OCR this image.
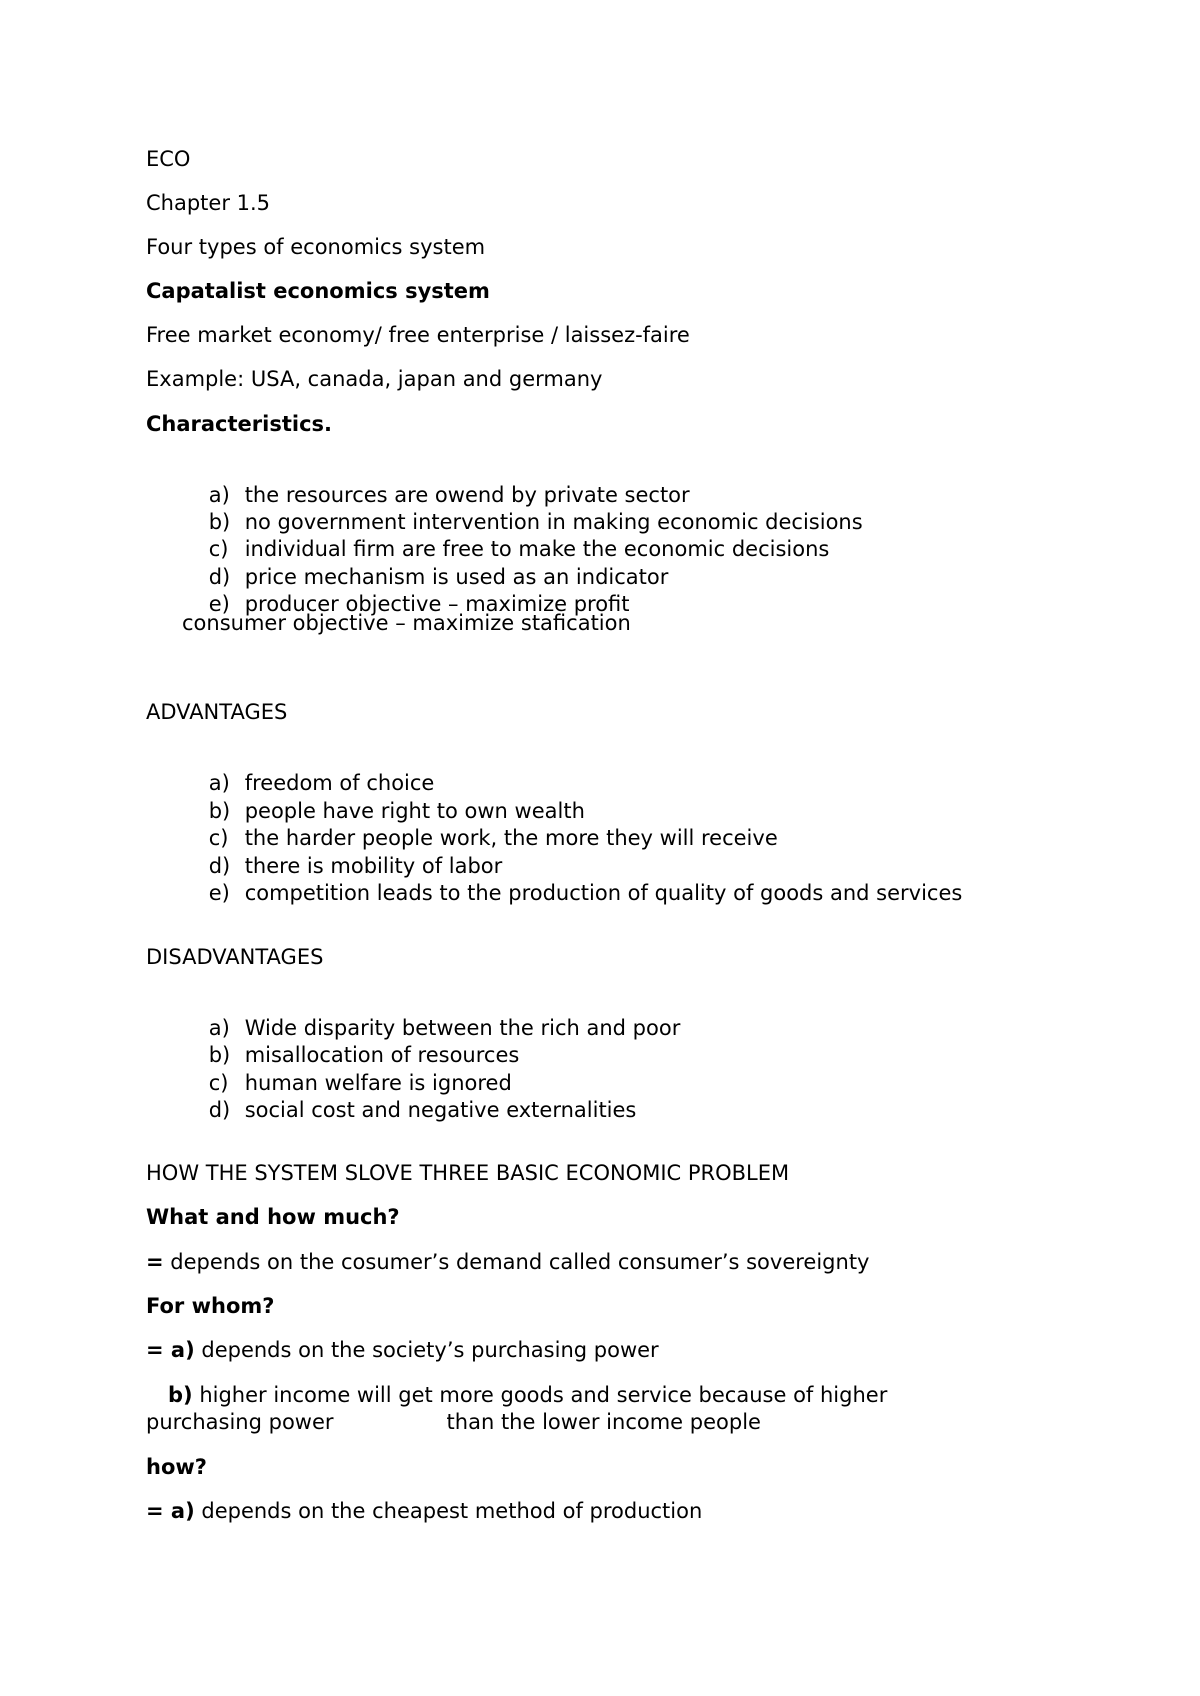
ECO
Chapter 1.5
Four types of economics system
Capatalist economics system
Free market economy/ free enterprise / laissez-faire
Example: USA, canada, japan and germany
Characteristics.

a) the resources are owend by private sector

b) no government intervention in making economic decisions

c) individual firm are free to make the economic decisions

d) price mechanism is used as an indicator

e) producer objective – maximize profit

consumer objective – maximize stafication
ADVANTAGES

a) freedom of choice

b) people have right to own wealth

c) the harder people work, the more they will receive

d) there is mobility of labor

e) competition leads to the production of quality of goods and services

DISADVANTAGES

a) Wide disparity between the rich and poor

b) misallocation of resources

c) human welfare is ignored

d) social cost and negative externalities

HOW THE SYSTEM SLOVE THREE BASIC ECONOMIC PROBLEM
What and how much?
= depends on the cosumer’s demand called consumer’s sovereignty
For whom?
= a) depends on the society’s purchasing power
b) higher income will get more goods and service because of higher
purchasing power	than the lower income people
how?
= a) depends on the cheapest method of production
